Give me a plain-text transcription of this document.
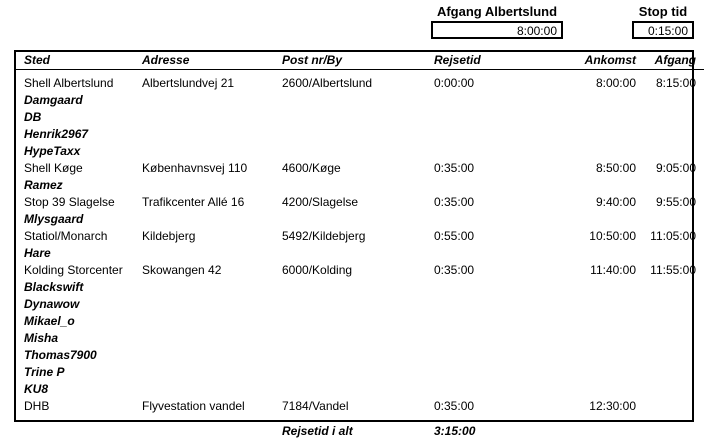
Afgang Albertslund
8:00:00
Stop tid
0:15:00
Sted	Adresse	Post nr/By	Rejsetid	Ankomst	Afgang
Shell Albertslund	Albertslundvej 21	2600/Albertslund	0:00:00	8:00:00	8:15:00
Damgaard					
DB					
Henrik2967					
HypeTaxx					
Shell Køge	Københavnsvej 110	4600/Køge	0:35:00	8:50:00	9:05:00
Ramez					
Stop 39 Slagelse	Trafikcenter Allé 16	4200/Slagelse	0:35:00	9:40:00	9:55:00
Mlysgaard					
Statiol/Monarch	Kildebjerg	5492/Kildebjerg	0:55:00	10:50:00	11:05:00
Hare					
Kolding Storcenter	Skowangen 42	6000/Kolding	0:35:00	11:40:00	11:55:00
Blackswift					
Dynawow					
Mikael_o					
Misha					
Thomas7900					
Trine P					
KU8					
DHB	Flyvestation vandel	7184/Vandel	0:35:00	12:30:00	

		Rejsetid i alt	3:15:00		
